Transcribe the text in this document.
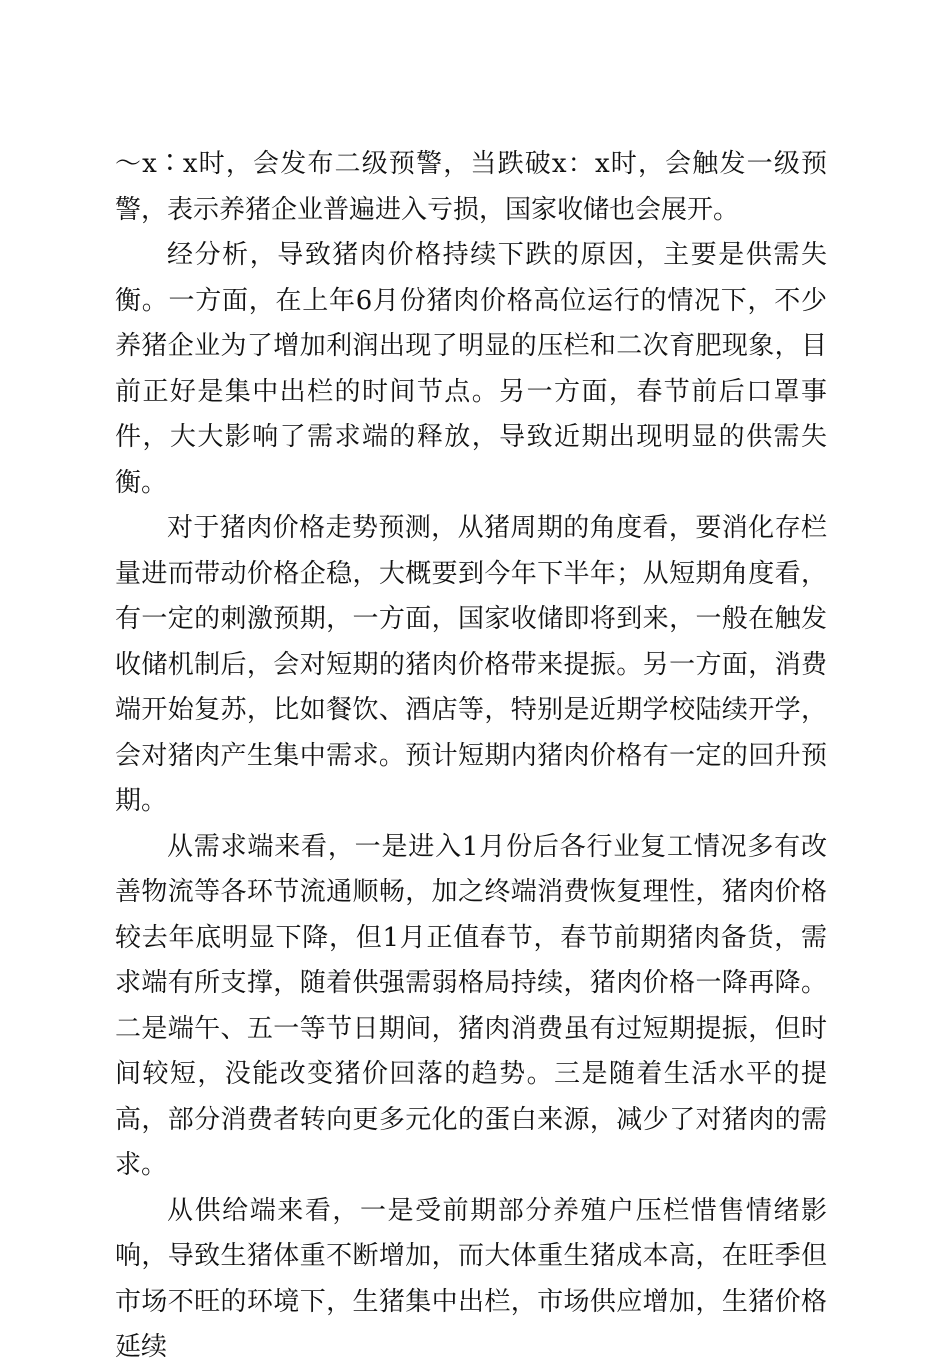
～x∶x时，会发布二级预警，当跌破x：x时，会触发一级预警，表示养猪企业普遍进入亏损，国家收储也会展开。

经分析，导致猪肉价格持续下跌的原因，主要是供需失衡。一方面，在上年6月份猪肉价格高位运行的情况下，不少养猪企业为了增加利润出现了明显的压栏和二次育肥现象，目前正好是集中出栏的时间节点。另一方面，春节前后口罩事件，大大影响了需求端的释放，导致近期出现明显的供需失衡。

对于猪肉价格走势预测，从猪周期的角度看，要消化存栏量进而带动价格企稳，大概要到今年下半年；从短期角度看，有一定的刺激预期，一方面，国家收储即将到来，一般在触发收储机制后，会对短期的猪肉价格带来提振。另一方面，消费端开始复苏，比如餐饮、酒店等，特别是近期学校陆续开学，会对猪肉产生集中需求。预计短期内猪肉价格有一定的回升预期。

从需求端来看，一是进入1月份后各行业复工情况多有改善物流等各环节流通顺畅，加之终端消费恢复理性，猪肉价格较去年底明显下降，但1月正值春节，春节前期猪肉备货，需求端有所支撑，随着供强需弱格局持续，猪肉价格一降再降。二是端午、五一等节日期间，猪肉消费虽有过短期提振，但时间较短，没能改变猪价回落的趋势。三是随着生活水平的提高，部分消费者转向更多元化的蛋白来源，减少了对猪肉的需求。

从供给端来看，一是受前期部分养殖户压栏惜售情绪影响，导致生猪体重不断增加，而大体重生猪成本高，在旺季但市场不旺的环境下，生猪集中出栏，市场供应增加，生猪价格延续
